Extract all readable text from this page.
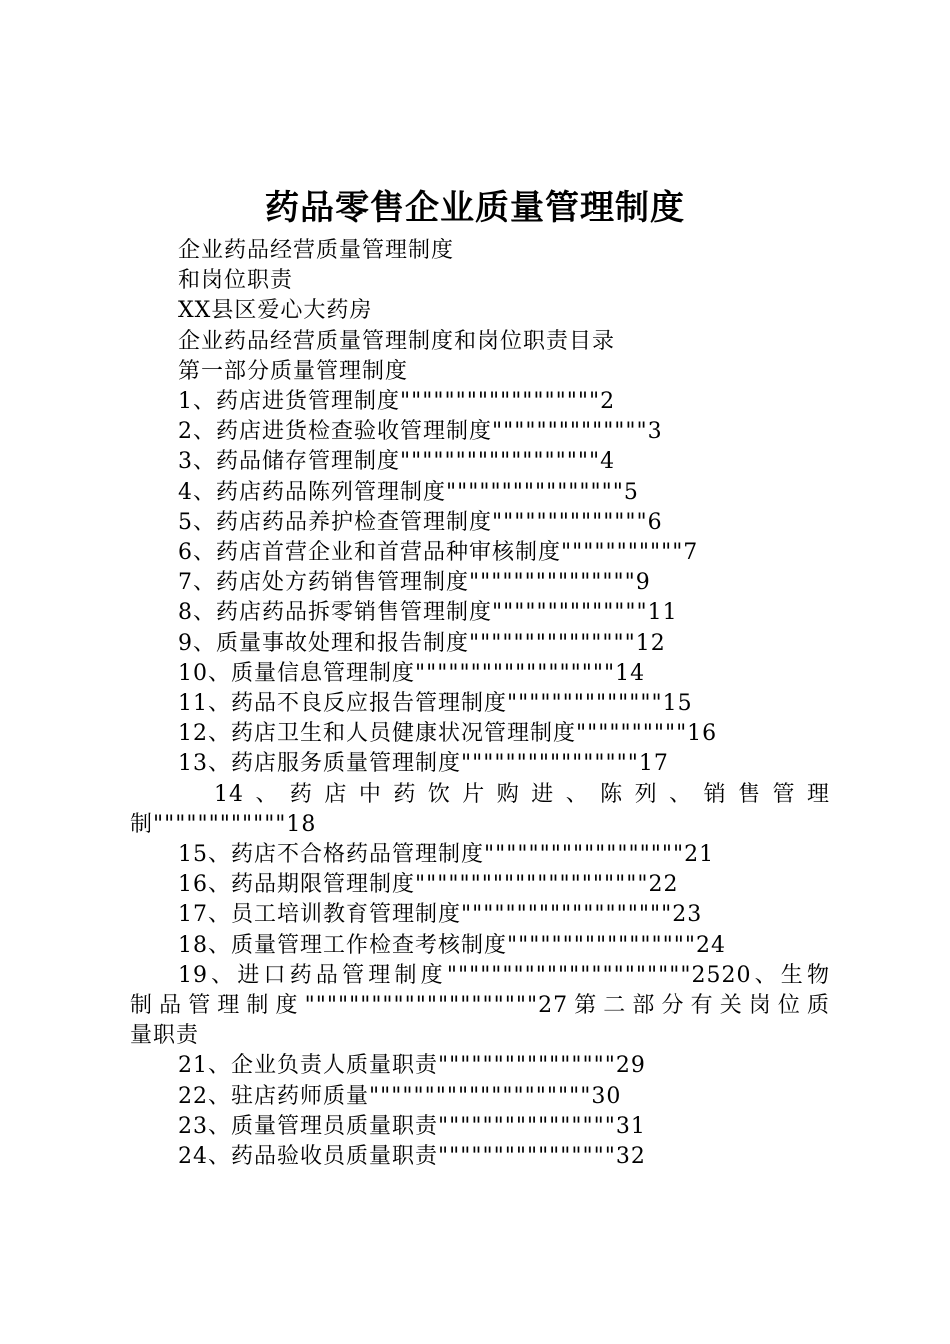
药品零售企业质量管理制度
企业药品经营质量管理制度
和岗位职责
XX县区爱心大药房
企业药品经营质量管理制度和岗位职责目录
第一部分质量管理制度
1、药店进货管理制度""""""""""""""""""2
2、药店进货检查验收管理制度""""""""""""""3
3、药品储存管理制度""""""""""""""""""4
4、药店药品陈列管理制度""""""""""""""""5
5、药店药品养护检查管理制度""""""""""""""6
6、药店首营企业和首营品种审核制度"""""""""""7
7、药店处方药销售管理制度"""""""""""""""9
8、药店药品拆零销售管理制度""""""""""""""11
9、质量事故处理和报告制度"""""""""""""""12
10、质量信息管理制度""""""""""""""""""14
11、药品不良反应报告管理制度""""""""""""""15
12、药店卫生和人员健康状况管理制度""""""""""16
13、药店服务质量管理制度""""""""""""""""17
14、药店中药饮片购进、陈列、销售管理
制""""""""""""18
15、药店不合格药品管理制度""""""""""""""""""21
16、药品期限管理制度"""""""""""""""""""""22
17、员工培训教育管理制度"""""""""""""""""""23
18、质量管理工作检查考核制度"""""""""""""""""24
19、进口药品管理制度""""""""""""""""""""""2520、生物
制品管理制度"""""""""""""""""""""27第二部分有关岗位质
量职责
21、企业负责人质量职责""""""""""""""""29
22、驻店药师质量""""""""""""""""""""30
23、质量管理员质量职责""""""""""""""""31
24、药品验收员质量职责""""""""""""""""32
